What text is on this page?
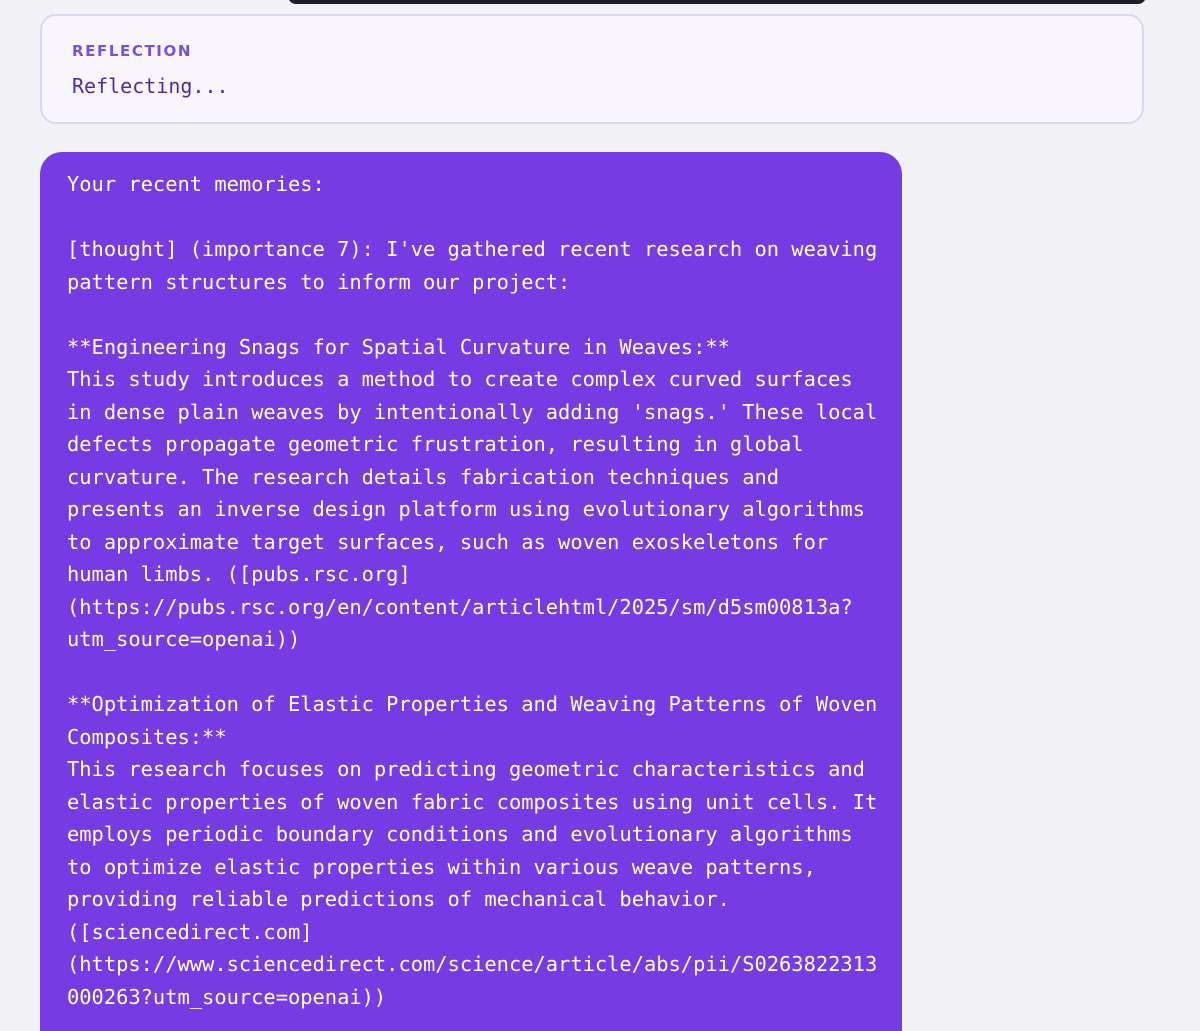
REFLECTION
Reflecting...
Your recent memories:

[thought] (importance 7): I've gathered recent research on weaving
pattern structures to inform our project:

**Engineering Snags for Spatial Curvature in Weaves:**
This study introduces a method to create complex curved surfaces
in dense plain weaves by intentionally adding 'snags.' These local
defects propagate geometric frustration, resulting in global
curvature. The research details fabrication techniques and
presents an inverse design platform using evolutionary algorithms
to approximate target surfaces, such as woven exoskeletons for
human limbs. ([pubs.rsc.org]
(https://pubs.rsc.org/en/content/articlehtml/2025/sm/d5sm00813a?
utm_source=openai))

**Optimization of Elastic Properties and Weaving Patterns of Woven
Composites:**
This research focuses on predicting geometric characteristics and
elastic properties of woven fabric composites using unit cells. It
employs periodic boundary conditions and evolutionary algorithms
to optimize elastic properties within various weave patterns,
providing reliable predictions of mechanical behavior.
([sciencedirect.com]
(https://www.sciencedirect.com/science/article/abs/pii/S0263822313
000263?utm_source=openai))
